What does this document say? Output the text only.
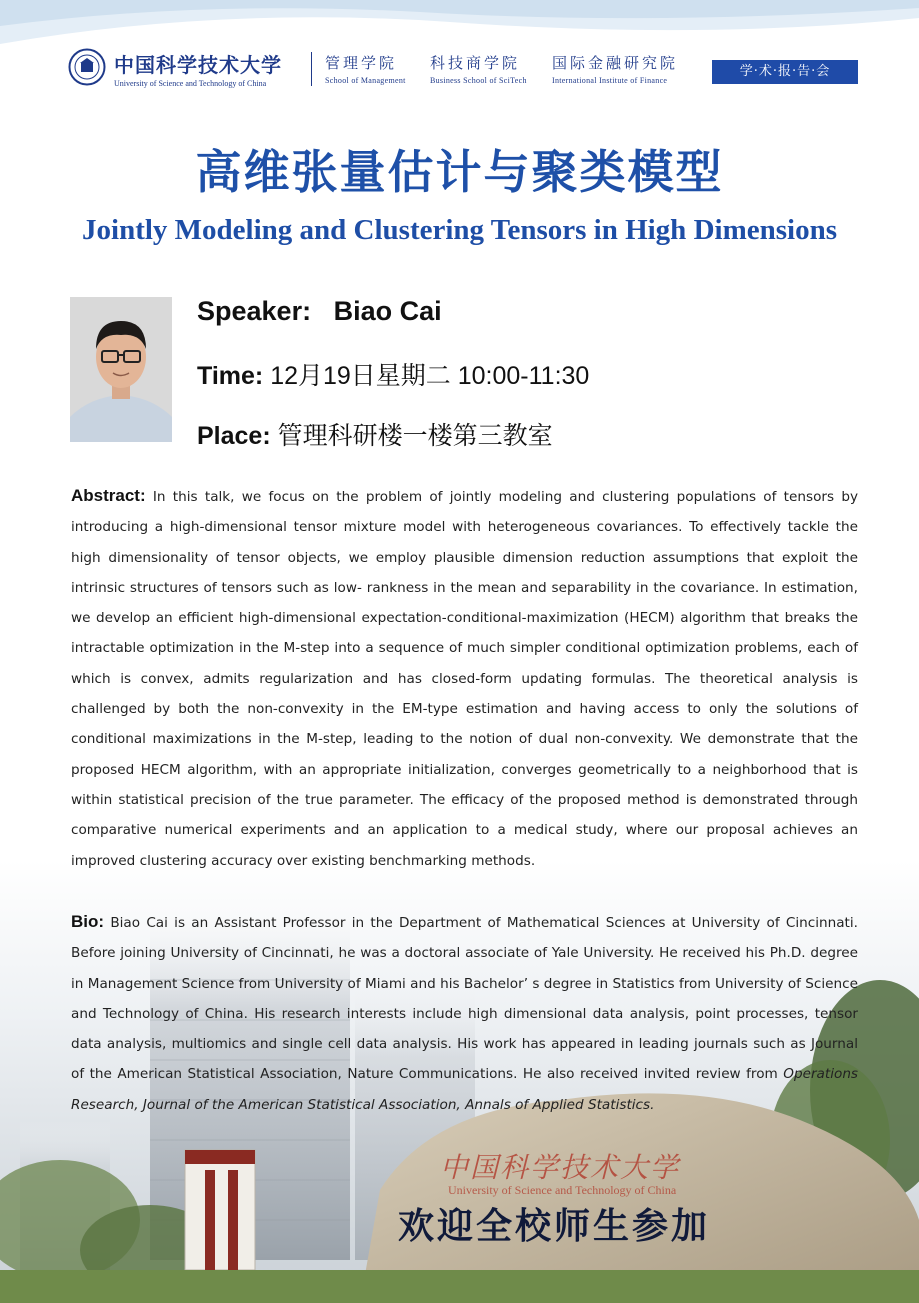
中国科学技术大学
University of Science and Technology of China
管理学院
School of Management
科技商学院
Business School of SciTech
国际金融研究院
International Institute of Finance
学·术·报·告·会
高维张量估计与聚类模型
Jointly Modeling and Clustering Tensors in High Dimensions
Speaker: Biao Cai
Time: 12月19日星期二 10:00-11:30
Place: 管理科研楼一楼第三教室
Abstract: In this talk, we focus on the problem of jointly modeling and clustering populations of tensors by introducing a high-dimensional tensor mixture model with heterogeneous covariances. To effectively tackle the high dimensionality of tensor objects, we employ plausible dimension reduction assumptions that exploit the intrinsic structures of tensors such as low- rankness in the mean and separability in the covariance. In estimation, we develop an efficient high-dimensional expectation-conditional-maximization (HECM) algorithm that breaks the intractable optimization in the M-step into a sequence of much simpler conditional optimization problems, each of which is convex, admits regularization and has closed-form updating formulas. The theoretical analysis is challenged by both the non-convexity in the EM-type estimation and having access to only the solutions of conditional maximizations in the M-step, leading to the notion of dual non-convexity. We demonstrate that the proposed HECM algorithm, with an appropriate initialization, converges geometrically to a neighborhood that is within statistical precision of the true parameter. The efficacy of the proposed method is demonstrated through comparative numerical experiments and an application to a medical study, where our proposal achieves an improved clustering accuracy over existing benchmarking methods.
Bio: Biao Cai is an Assistant Professor in the Department of Mathematical Sciences at University of Cincinnati. Before joining University of Cincinnati, he was a doctoral associate of Yale University. He received his Ph.D. degree in Management Science from University of Miami and his Bachelor’ s degree in Statistics from University of Science and Technology of China. His research interests include high dimensional data analysis, point processes, tensor data analysis, multiomics and single cell data analysis. His work has appeared in leading journals such as Journal of the American Statistical Association, Nature Communications. He also received invited review from Operations Research, Journal of the American Statistical Association, Annals of Applied Statistics.
中国科学技术大学
University of Science and Technology of China
欢迎全校师生参加
